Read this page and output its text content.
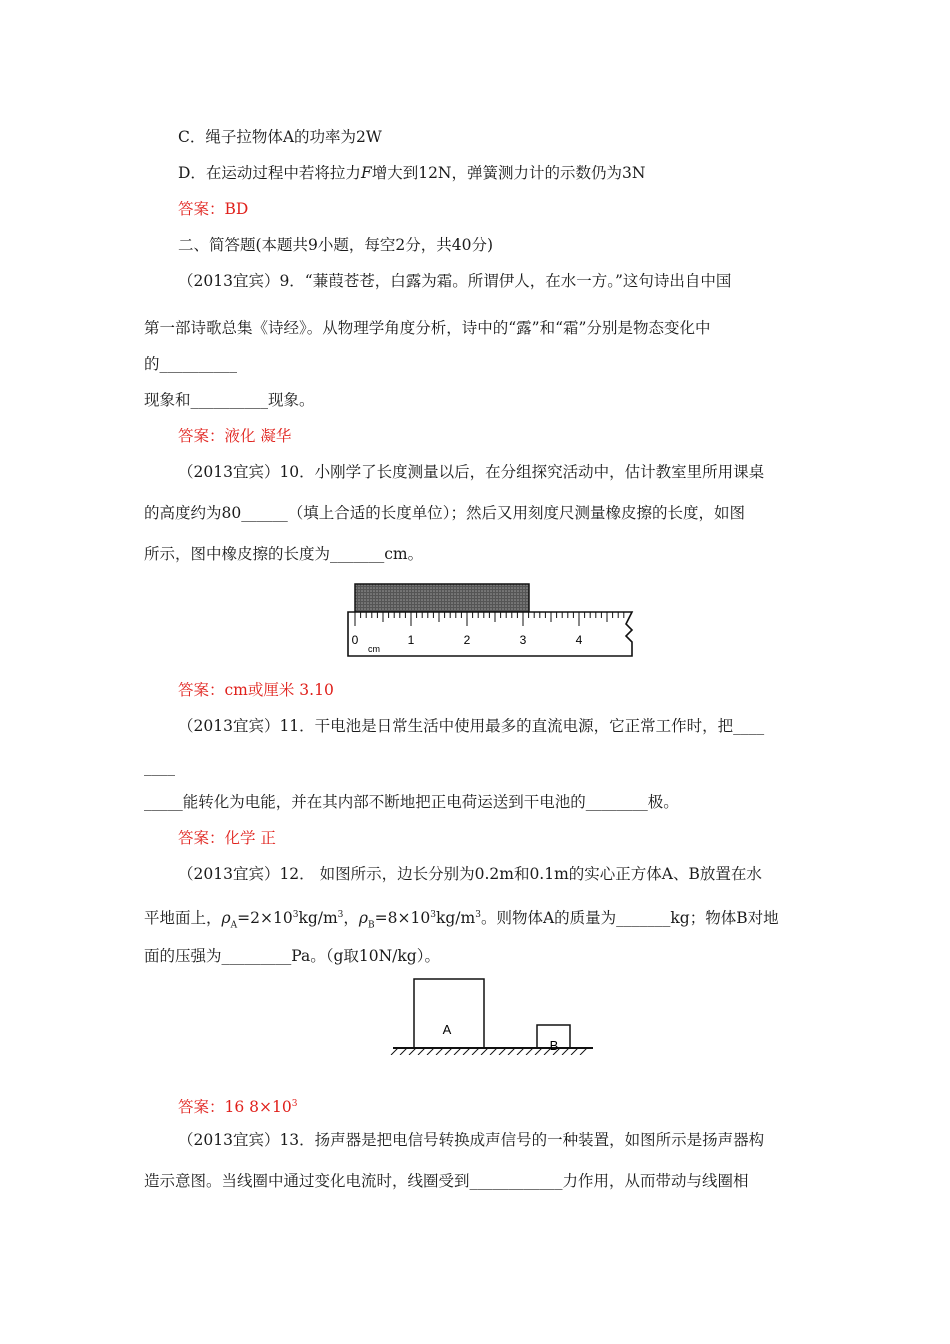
C．绳子拉物体A的功率为2W
D．在运动过程中若将拉力F增大到12N，弹簧测力计的示数仍为3N
答案：BD
二、简答题(本题共9小题，每空2分，共40分)
（2013宜宾）9．“蒹葭苍苍，白露为霜。所谓伊人，在水一方。”这句诗出自中国
第一部诗歌总集《诗经》。从物理学角度分析，诗中的“露”和“霜”分别是物态变化中
的__________
现象和__________现象。
答案：液化 凝华
（2013宜宾）10．小刚学了长度测量以后，在分组探究活动中，估计教室里所用课桌
的高度约为80______（填上合适的长度单位）；然后又用刻度尺测量橡皮擦的长度，如图
所示，图中橡皮擦的长度为_______cm。
0	1	2	3	4
cm
答案：cm或厘米 3.10
（2013宜宾）11．干电池是日常生活中使用最多的直流电源，它正常工作时，把____
____
_____能转化为电能，并在其内部不断地把正电荷运送到干电池的________极。
答案：化学 正
（2013宜宾）12． 如图所示，边长分别为0.2m和0.1m的实心正方体A、B放置在水
平地面上，$\rho_A=2\times 10^3kg/m^3$，$\rho_B=8\times 10^3kg/m^3$。则物体A的质量为_______kg；物体B对地
面的压强为_________Pa。（g取10N/kg）。
A
B
答案：16 $8\times 10^3$
（2013宜宾）13．扬声器是把电信号转换成声信号的一种装置，如图所示是扬声器构
造示意图。当线圈中通过变化电流时，线圈受到____________力作用，从而带动与线圈相
